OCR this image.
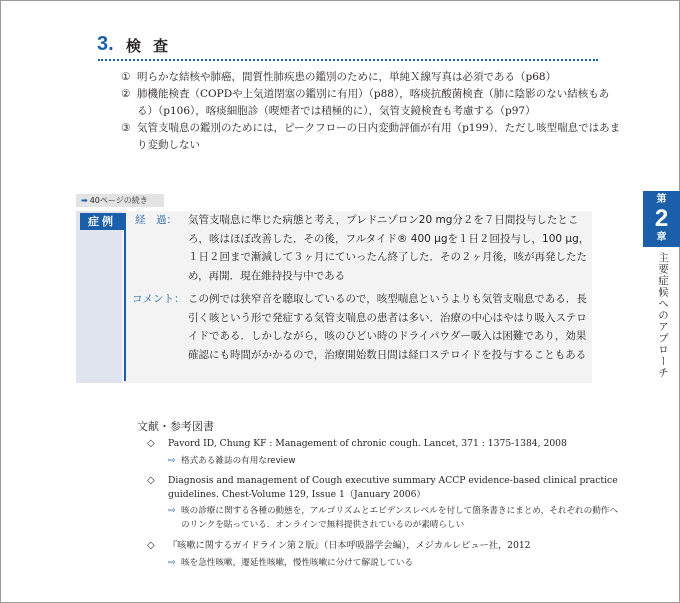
3. 検査
① 明らかな結核や肺癌，間質性肺疾患の鑑別のために，単純Ｘ線写真は必須である（p68）
② 肺機能検査（COPDや上気道閉塞の鑑別に有用）（p88），喀痰抗酸菌検査（肺に陰影のない結核もある）（p106），喀痰細胞診（喫煙者では積極的に），気管支鏡検査も考慮する（p97）
③ 気管支喘息の鑑別のためには，ピークフローの日内変動評価が有用（p199）．ただし咳型喘息ではあまり変動しない
➡ 40ページの続き
症例	経　過： 気管支喘息に準じた病態と考え，プレドニゾロン20 mg分２を７日間投与したところ，咳はほぼ改善した．その後，フルタイド® 400 μgを１日２回投与し，100 μg，１日２回まで漸減して３ヶ月にていったん終了した．その２ヶ月後，咳が再発したため，再開．現在維持投与中である
コメント： この例では狭窄音を聴取しているので，咳型喘息というよりも気管支喘息である．長引く咳という形で発症する気管支喘息の患者は多い．治療の中心はやはり吸入ステロイドである．しかしながら，咳のひどい時のドライパウダー吸入は困難であり，効果確認にも時間がかかるので，治療開始数日間は経口ステロイドを投与することもある
第
2
章
主要症候へのアプローチ
文献・参考図書
◇ Pavord ID, Chung KF : Management of chronic cough. Lancet, 371 : 1375-1384, 2008
⇨ 格式ある雑誌の有用なreview
◇ Diagnosis and management of Cough executive summary ACCP evidence-based clinical practice guidelines. Chest-Volume 129, Issue 1（January 2006）
⇨ 咳の診療に関する各種の動態を，アルゴリズムとエビデンスレベルを付して箇条書きにまとめ，それぞれの動作へのリンクを貼っている．オンラインで無料提供されているのが素晴らしい
◇ 『咳嗽に関するガイドライン第２版』（日本呼吸器学会編），メジカルレビュー社，2012
⇨ 咳を急性咳嗽，遷延性咳嗽，慢性咳嗽に分けて解説している
